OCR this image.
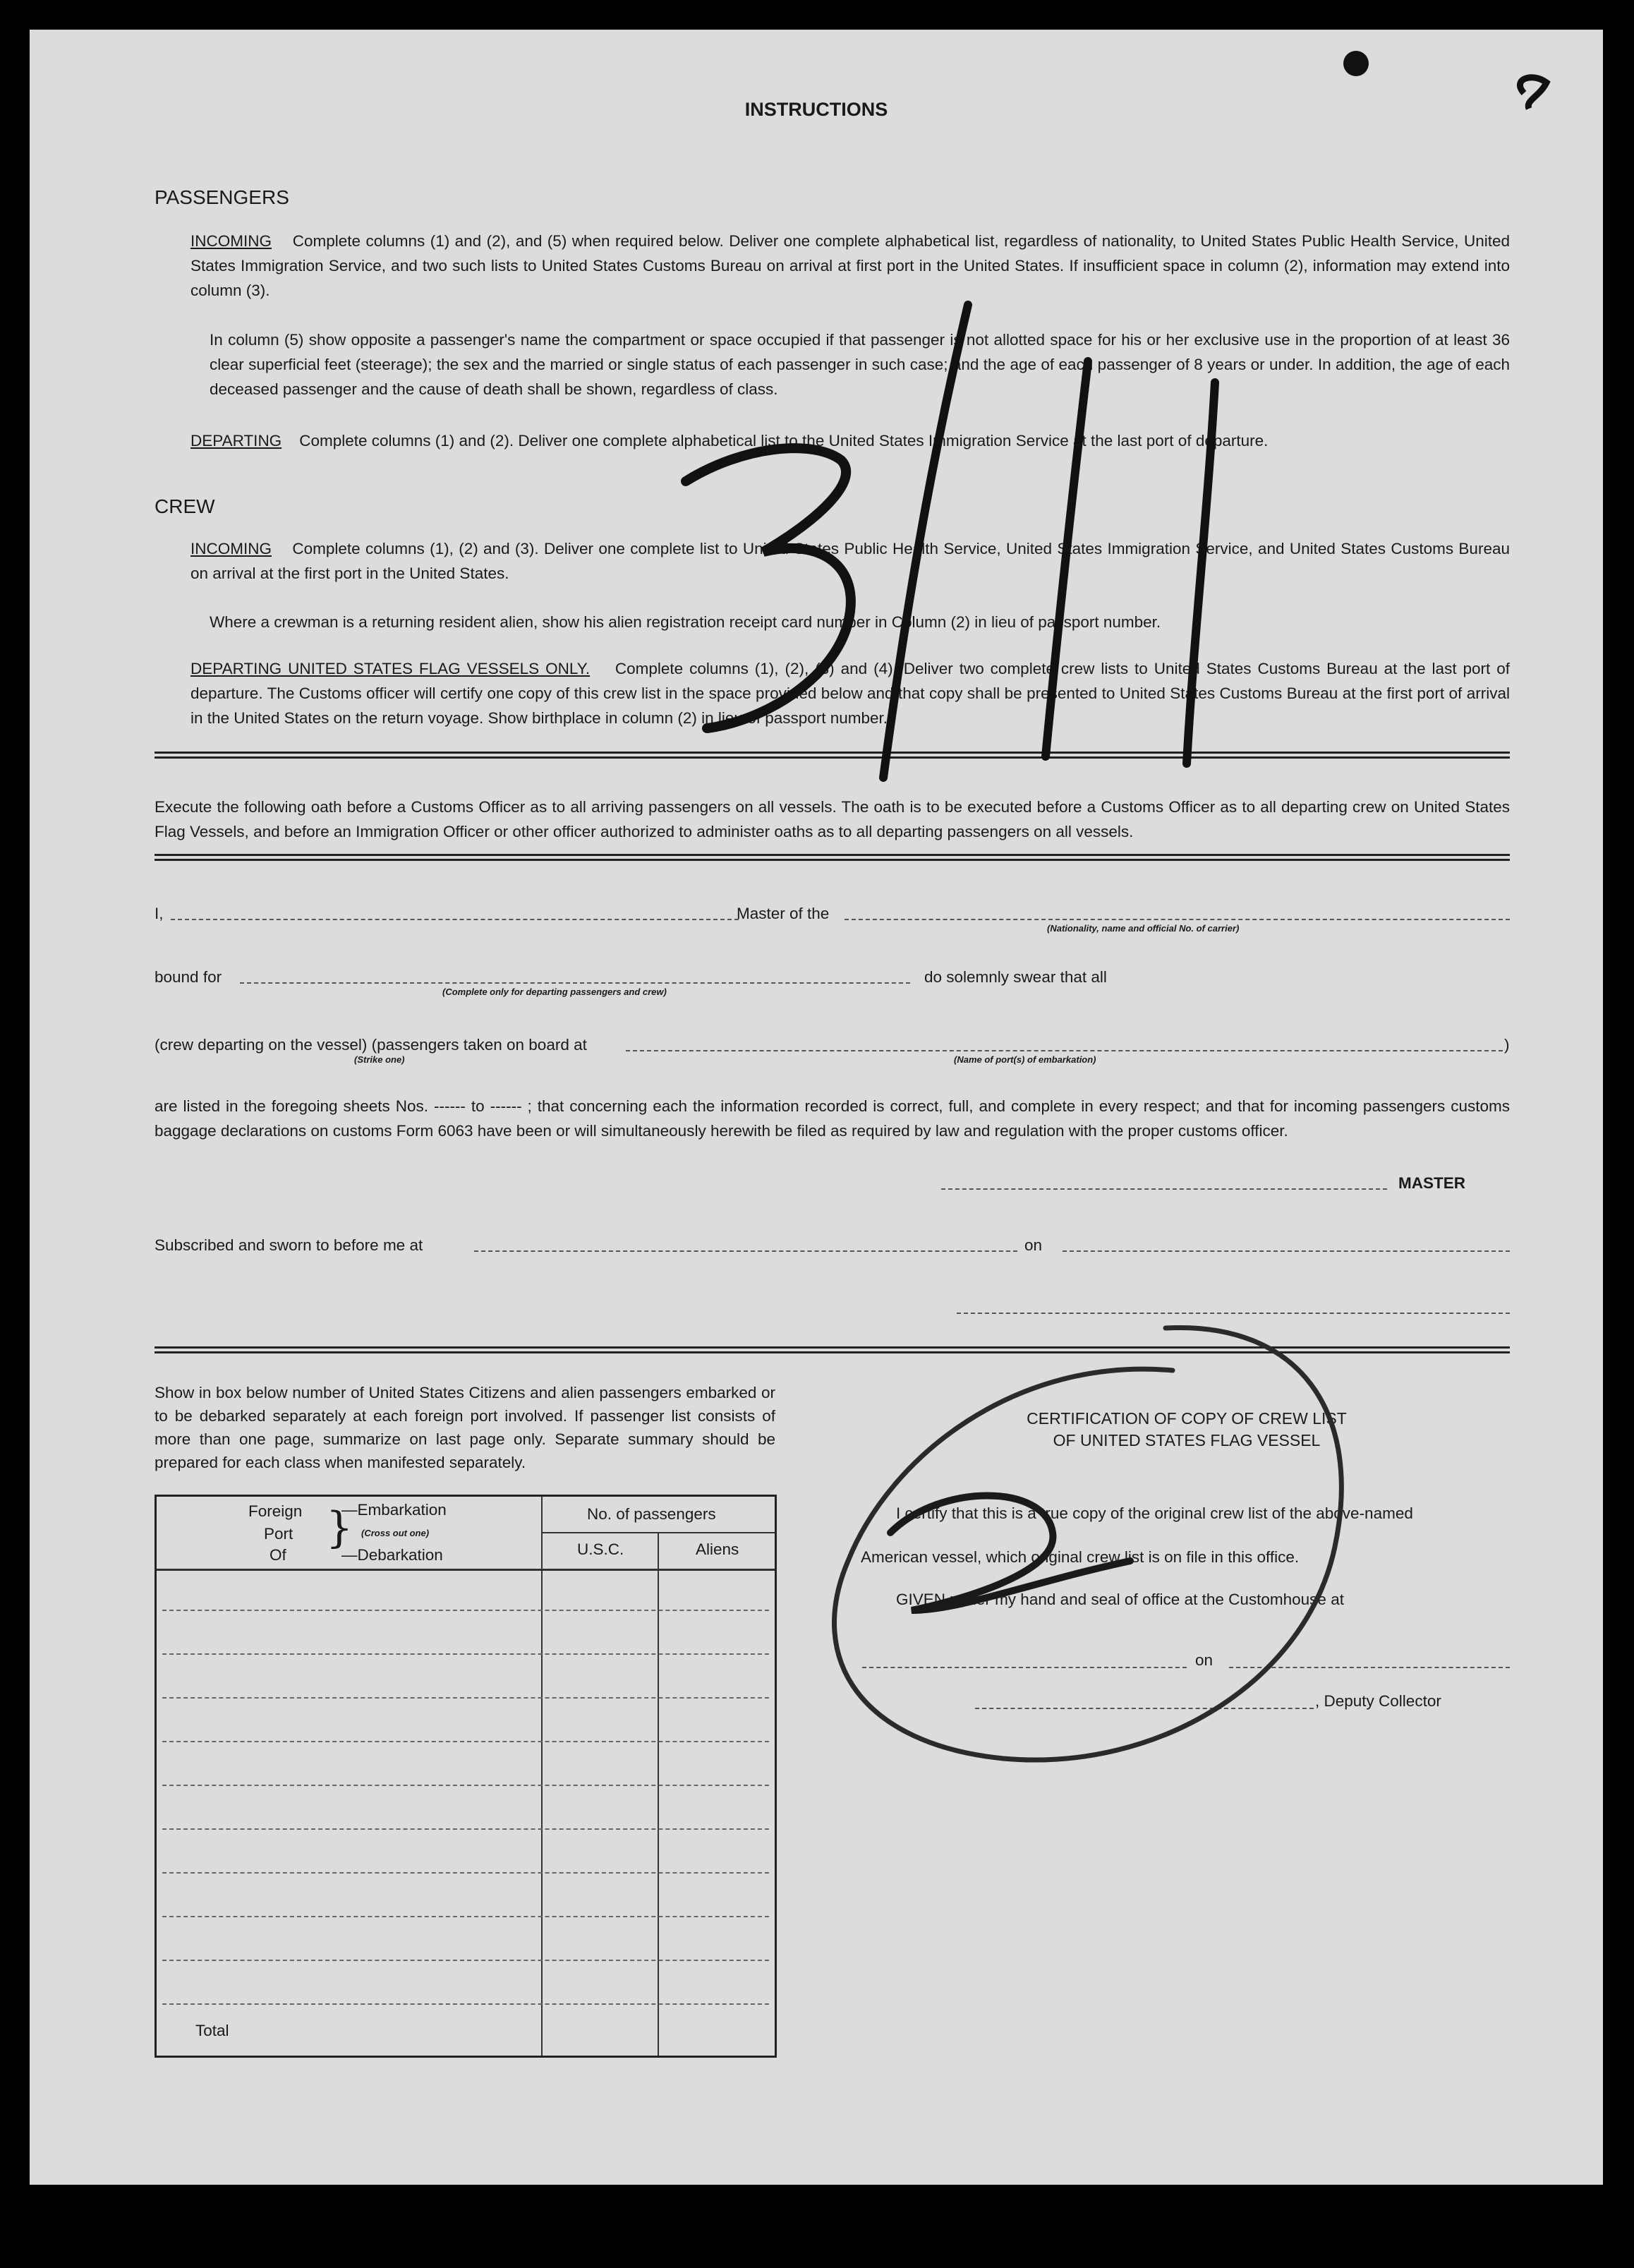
INSTRUCTIONS
PASSENGERS
INCOMING Complete columns (1) and (2), and (5) when required below. Deliver one complete alphabetical list, regardless of nationality, to United States Public Health Service, United States Immigration Service, and two such lists to United States Customs Bureau on arrival at first port in the United States. If insufficient space in column (2), information may extend into column (3).
In column (5) show opposite a passenger's name the compartment or space occupied if that passenger is not allotted space for his or her exclusive use in the proportion of at least 36 clear superficial feet (steerage); the sex and the married or single status of each passenger in such case; and the age of each passenger of 8 years or under. In addition, the age of each deceased passenger and the cause of death shall be shown, regardless of class.
DEPARTING Complete columns (1) and (2). Deliver one complete alphabetical list to the United States Immigration Service at the last port of departure.
CREW
INCOMING Complete columns (1), (2) and (3). Deliver one complete list to United States Public Health Service, United States Immigration Service, and United States Customs Bureau on arrival at the first port in the United States.
Where a crewman is a returning resident alien, show his alien registration receipt card number in Column (2) in lieu of passport number.
DEPARTING UNITED STATES FLAG VESSELS ONLY. Complete columns (1), (2), (3) and (4). Deliver two complete crew lists to United States Customs Bureau at the last port of departure. The Customs officer will certify one copy of this crew list in the space provided below and that copy shall be presented to United States Customs Bureau at the first port of arrival in the United States on the return voyage. Show birthplace in column (2) in lieu of passport number.
Execute the following oath before a Customs Officer as to all arriving passengers on all vessels. The oath is to be executed before a Customs Officer as to all departing crew on United States Flag Vessels, and before an Immigration Officer or other officer authorized to administer oaths as to all departing passengers on all vessels.
I,	Master of the
(Nationality, name and official No. of carrier)
bound for
(Complete only for departing passengers and crew)
do solemnly swear that all
(crew departing on the vessel) (passengers taken on board at	)
(Strike one)	(Name of port(s) of embarkation)
are listed in the foregoing sheets Nos. ------ to ------ ; that concerning each the information recorded is correct, full, and complete in every respect; and that for incoming passengers customs baggage declarations on customs Form 6063 have been or will simultaneously herewith be filed as required by law and regulation with the proper customs officer.
MASTER
Subscribed and sworn to before me at	on
Show in box below number of United States Citizens and alien passengers embarked or to be debarked separately at each foreign port involved. If passenger list consists of more than one page, summarize on last page only. Separate summary should be prepared for each class when manifested separately.
Foreign
Port
Of
}
—Embarkation
(Cross out one)
—Debarkation
No. of passengers
U.S.C.	Aliens
Total
CERTIFICATION OF COPY OF CREW LIST
OF UNITED STATES FLAG VESSEL
I certify that this is a true copy of the original crew list of the above-named
American vessel, which original crew list is on file in this office.
GIVEN under my hand and seal of office at the Customhouse at
on
, Deputy Collector
